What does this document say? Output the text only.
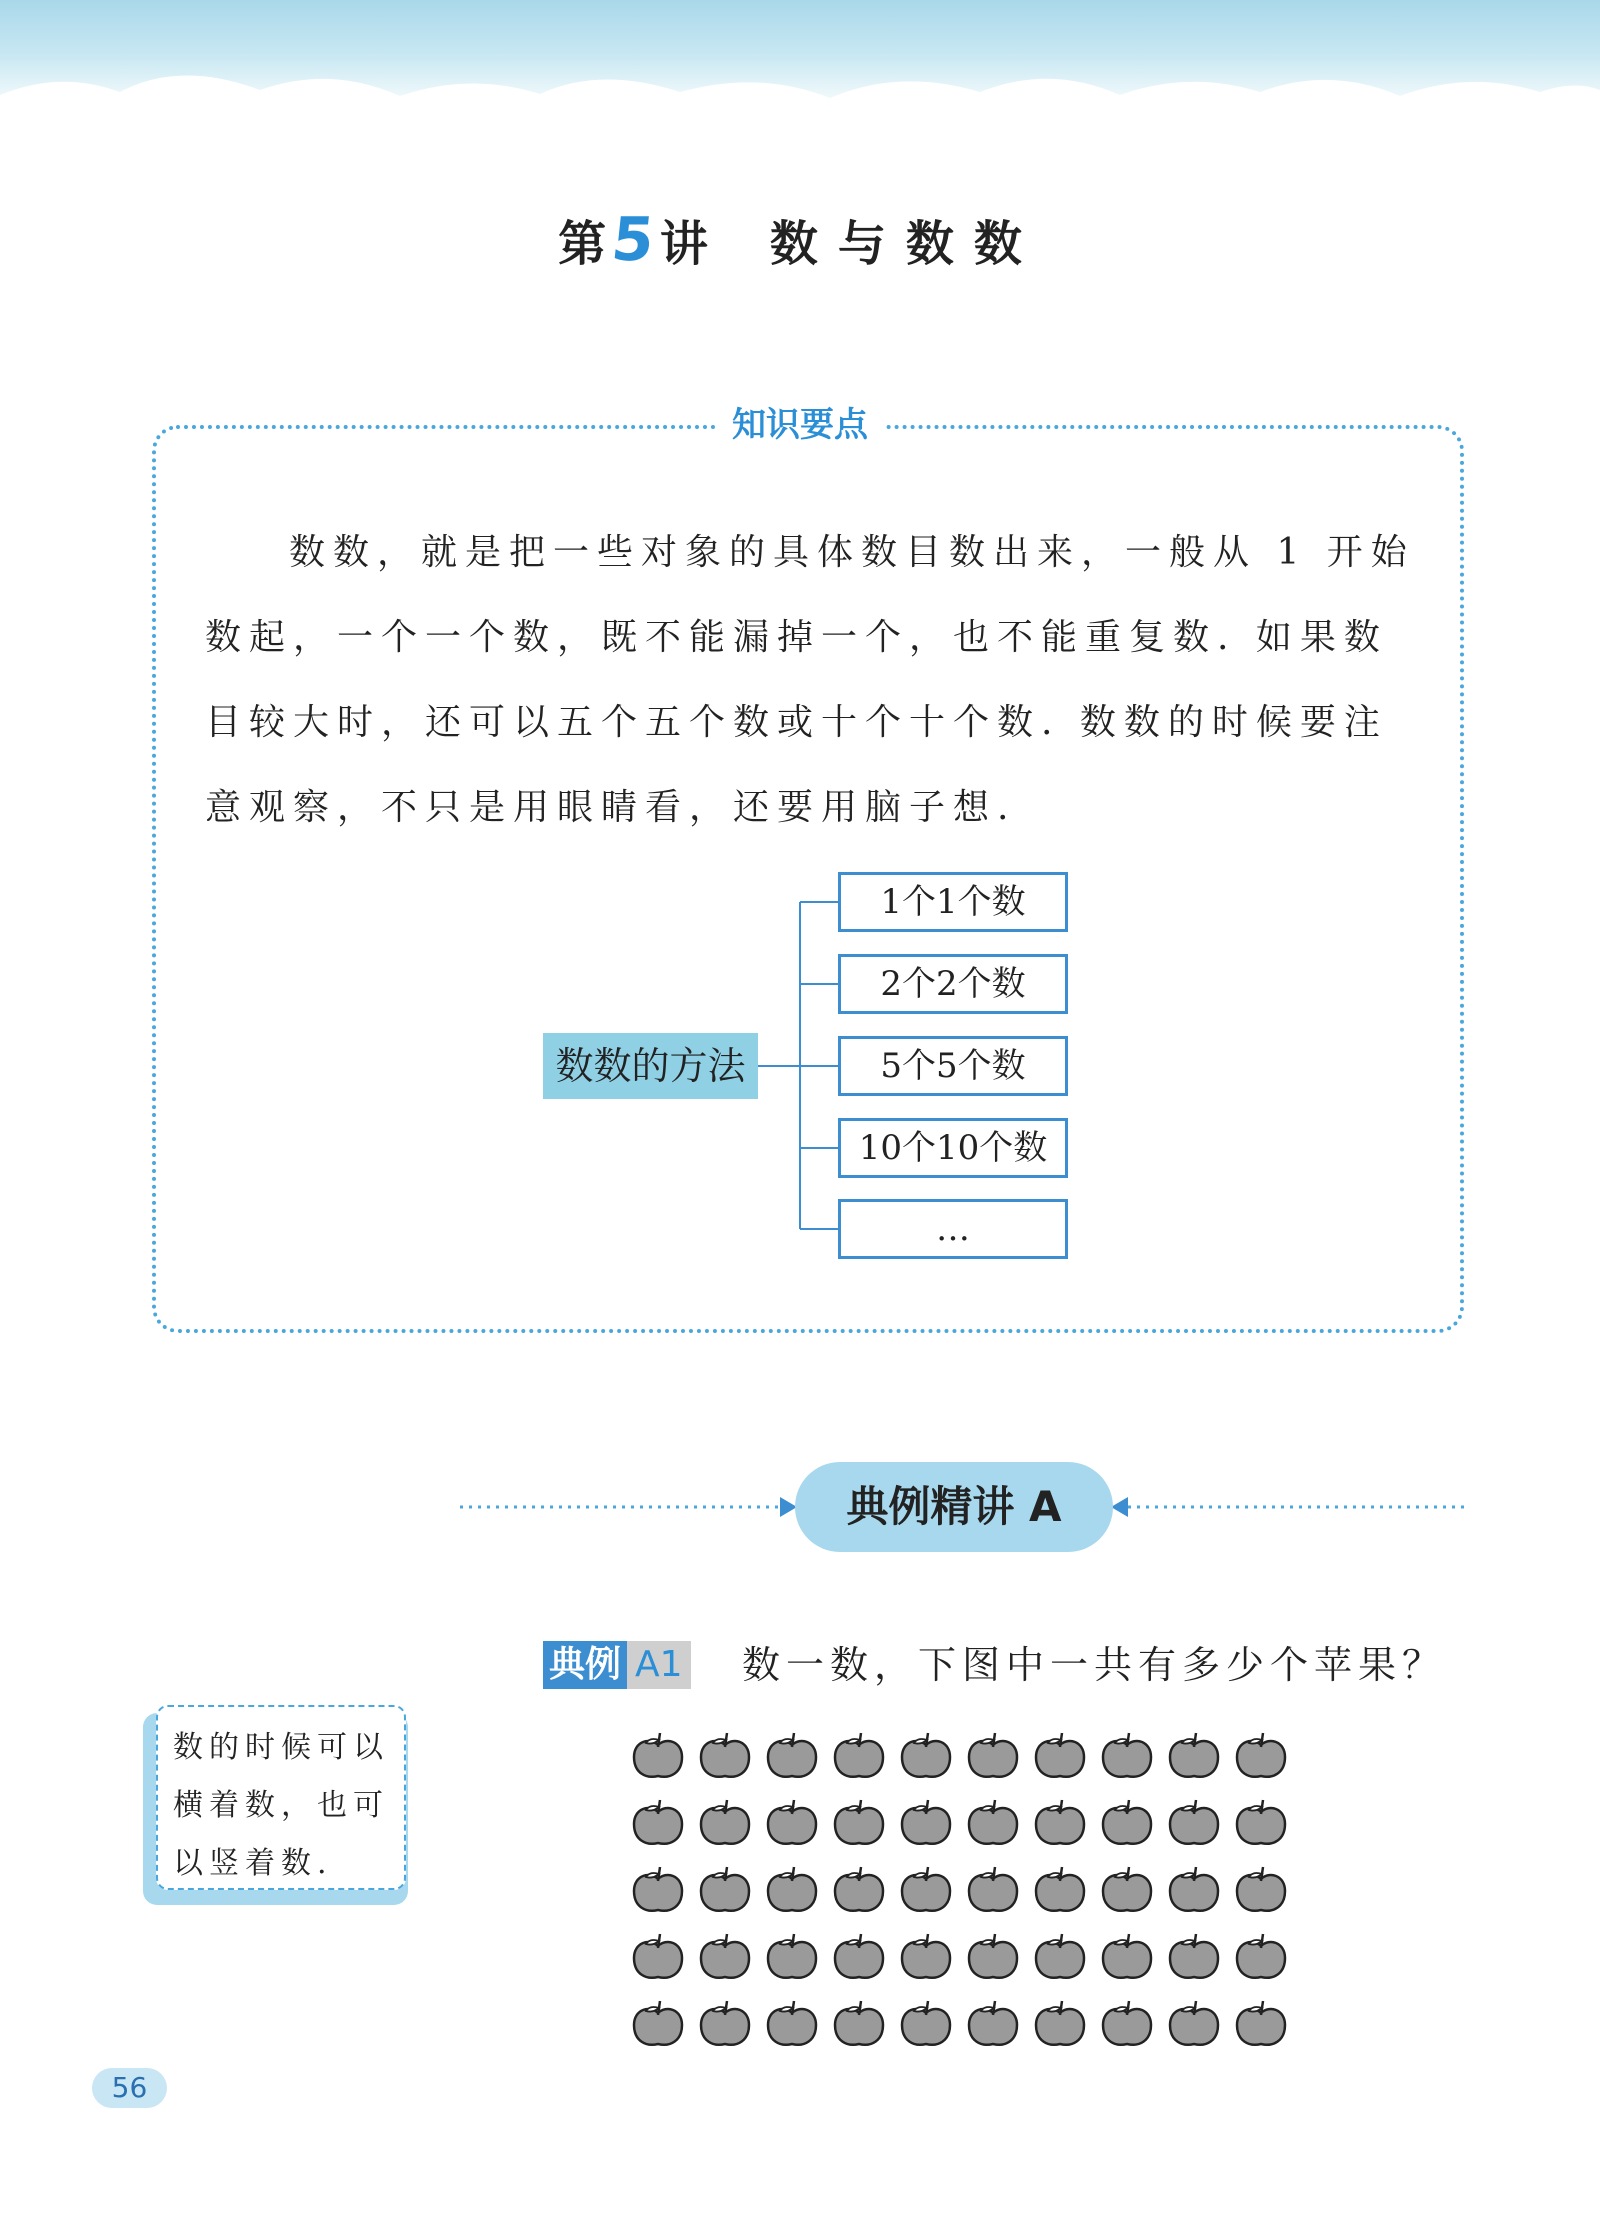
第5讲 数与数数
知识要点
数数，就是把一些对象的具体数目数出来，一般从 1 开始数起，一个一个数，既不能漏掉一个，也不能重复数. 如果数目较大时，还可以五个五个数或十个十个数. 数数的时候要注意观察，不只是用眼睛看，还要用脑子想.
数数的方法
1个1个数
2个2个数
5个5个数
10个10个数
…
典例精讲 A
典例 A1 数一数，下图中一共有多少个苹果？
数的时候可以横着数，也可以竖着数.
56
